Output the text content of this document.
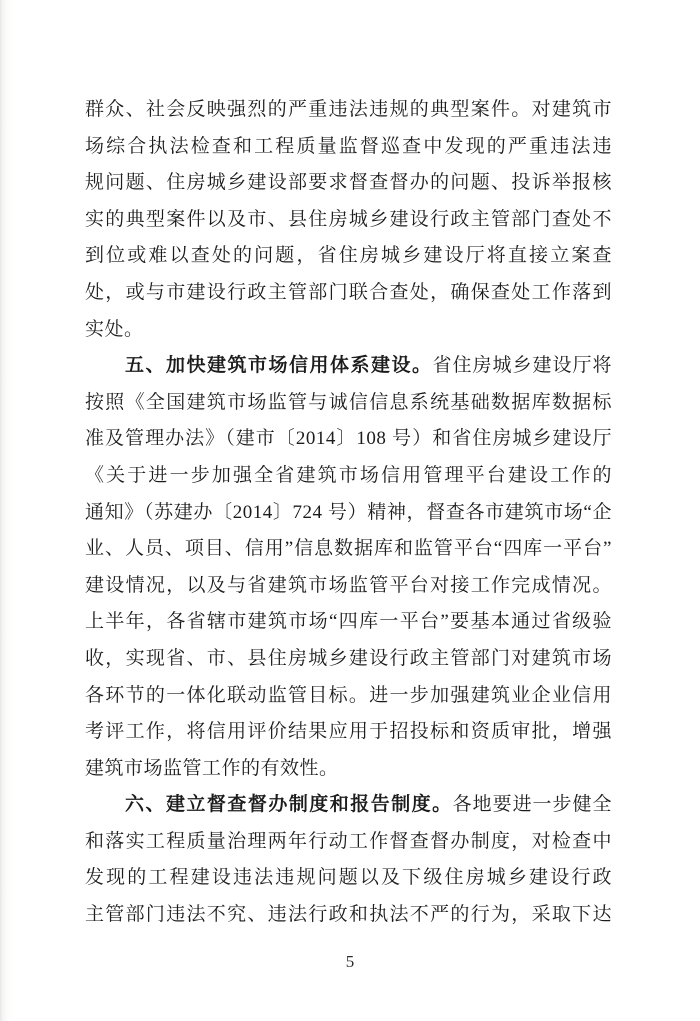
群众、社会反映强烈的严重违法违规的典型案件。对建筑市
场综合执法检查和工程质量监督巡查中发现的严重违法违
规问题、住房城乡建设部要求督查督办的问题、投诉举报核
实的典型案件以及市、县住房城乡建设行政主管部门查处不
到位或难以查处的问题，省住房城乡建设厅将直接立案查
处，或与市建设行政主管部门联合查处，确保查处工作落到
实处。
五、加快建筑市场信用体系建设。省住房城乡建设厅将
按照《全国建筑市场监管与诚信信息系统基础数据库数据标
准及管理办法》（建市〔2014〕108 号）和省住房城乡建设厅
《关于进一步加强全省建筑市场信用管理平台建设工作的
通知》（苏建办〔2014〕724 号）精神，督查各市建筑市场“企
业、人员、项目、信用”信息数据库和监管平台“四库一平台”
建设情况，以及与省建筑市场监管平台对接工作完成情况。
上半年，各省辖市建筑市场“四库一平台”要基本通过省级验
收，实现省、市、县住房城乡建设行政主管部门对建筑市场
各环节的一体化联动监管目标。进一步加强建筑业企业信用
考评工作，将信用评价结果应用于招投标和资质审批，增强
建筑市场监管工作的有效性。
六、建立督查督办制度和报告制度。各地要进一步健全
和落实工程质量治理两年行动工作督查督办制度，对检查中
发现的工程建设违法违规问题以及下级住房城乡建设行政
主管部门违法不究、违法行政和执法不严的行为，采取下达
5
